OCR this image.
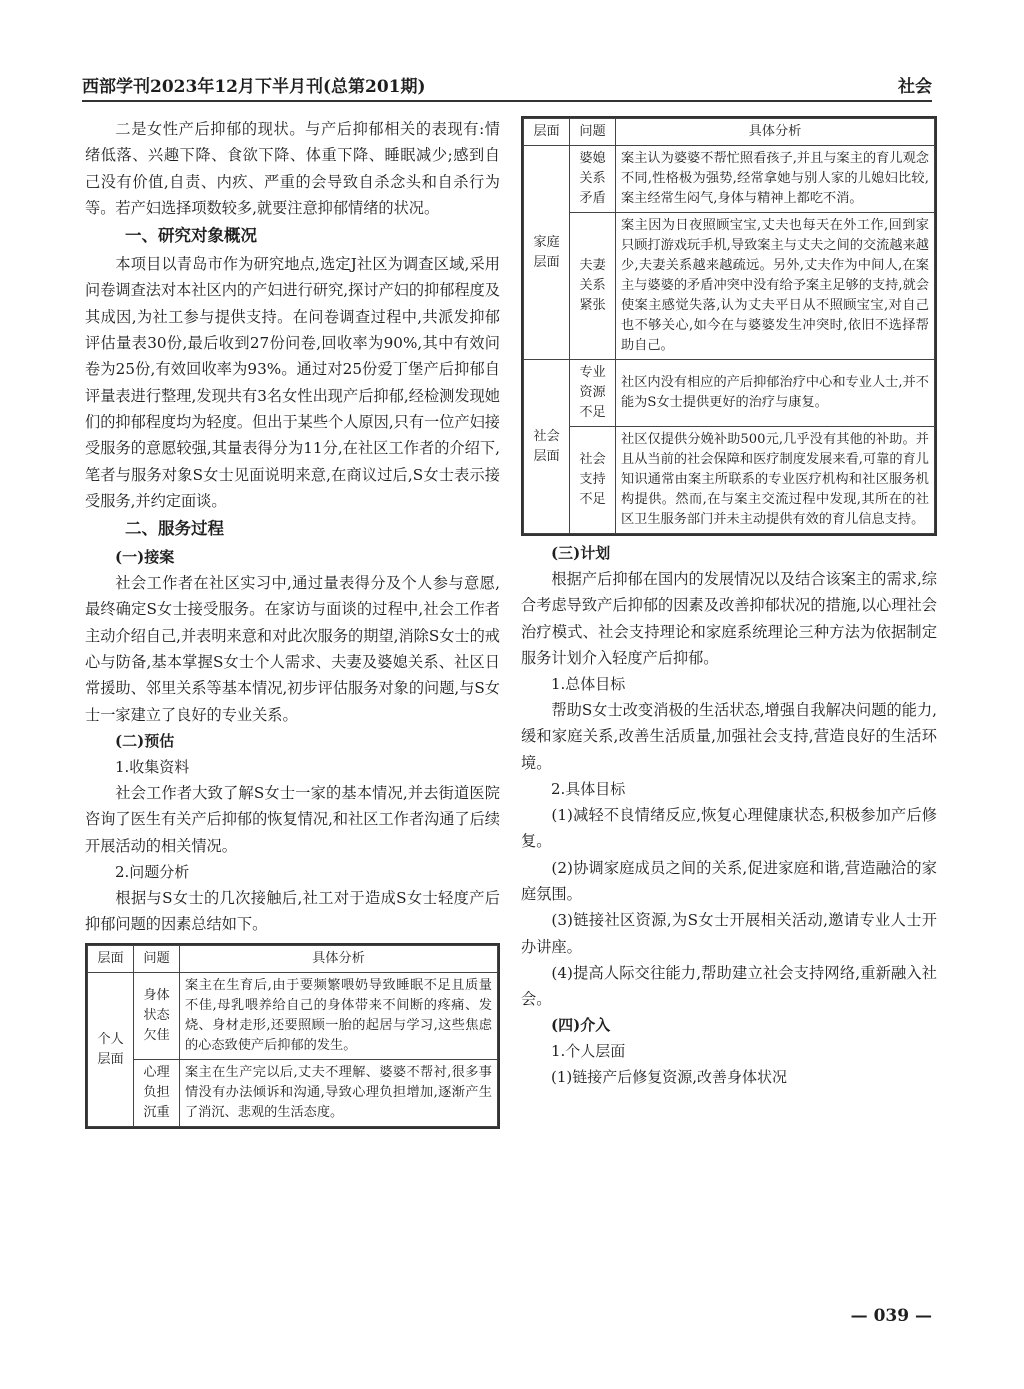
西部学刊2023年12月下半月刊(总第201期)	社会

二是女性产后抑郁的现状。与产后抑郁相关的表现有:情绪低落、兴趣下降、食欲下降、体重下降、睡眠减少;感到自己没有价值,自责、内疚、严重的会导致自杀念头和自杀行为等。若产妇选择项数较多,就要注意抑郁情绪的状况。

一、研究对象概况

本项目以青岛市作为研究地点,选定J社区为调查区域,采用问卷调查法对本社区内的产妇进行研究,探讨产妇的抑郁程度及其成因,为社工参与提供支持。在问卷调查过程中,共派发抑郁评估量表30份,最后收到27份问卷,回收率为90%,其中有效问卷为25份,有效回收率为93%。通过对25份爱丁堡产后抑郁自评量表进行整理,发现共有3名女性出现产后抑郁,经检测发现她们的抑郁程度均为轻度。但出于某些个人原因,只有一位产妇接受服务的意愿较强,其量表得分为11分,在社区工作者的介绍下,笔者与服务对象S女士见面说明来意,在商议过后,S女士表示接受服务,并约定面谈。

二、服务过程
(一)接案

社会工作者在社区实习中,通过量表得分及个人参与意愿,最终确定S女士接受服务。在家访与面谈的过程中,社会工作者主动介绍自己,并表明来意和对此次服务的期望,消除S女士的戒心与防备,基本掌握S女士个人需求、夫妻及婆媳关系、社区日常援助、邻里关系等基本情况,初步评估服务对象的问题,与S女士一家建立了良好的专业关系。

(二)预估
1.收集资料

社会工作者大致了解S女士一家的基本情况,并去街道医院咨询了医生有关产后抑郁的恢复情况,和社区工作者沟通了后续开展活动的相关情况。

2.问题分析

根据与S女士的几次接触后,社工对于造成S女士轻度产后抑郁问题的因素总结如下。

层面	问题	具体分析
个人层面	身体状态欠佳	案主在生育后,由于要频繁喂奶导致睡眠不足且质量不佳,母乳喂养给自己的身体带来不间断的疼痛、发烧、身材走形,还要照顾一胎的起居与学习,这些焦虑的心态致使产后抑郁的发生。
	心理负担沉重	案主在生产完以后,丈夫不理解、婆婆不帮衬,很多事情没有办法倾诉和沟通,导致心理负担增加,逐渐产生了消沉、悲观的生活态度。
层面	问题	具体分析
家庭层面	婆媳关系矛盾	案主认为婆婆不帮忙照看孩子,并且与案主的育儿观念不同,性格极为强势,经常拿她与别人家的儿媳妇比较,案主经常生闷气,身体与精神上都吃不消。
	夫妻关系紧张	案主因为日夜照顾宝宝,丈夫也每天在外工作,回到家只顾打游戏玩手机,导致案主与丈夫之间的交流越来越少,夫妻关系越来越疏远。另外,丈夫作为中间人,在案主与婆婆的矛盾冲突中没有给予案主足够的支持,就会使案主感觉失落,认为丈夫平日从不照顾宝宝,对自己也不够关心,如今在与婆婆发生冲突时,依旧不选择帮助自己。
社会层面	专业资源不足	社区内没有相应的产后抑郁治疗中心和专业人士,并不能为S女士提供更好的治疗与康复。
	社会支持不足	社区仅提供分娩补助500元,几乎没有其他的补助。并且从当前的社会保障和医疗制度发展来看,可靠的育儿知识通常由案主所联系的专业医疗机构和社区服务机构提供。然而,在与案主交流过程中发现,其所在的社区卫生服务部门并未主动提供有效的育儿信息支持。
(三)计划

根据产后抑郁在国内的发展情况以及结合该案主的需求,综合考虑导致产后抑郁的因素及改善抑郁状况的措施,以心理社会治疗模式、社会支持理论和家庭系统理论三种方法为依据制定服务计划介入轻度产后抑郁。

1.总体目标

帮助S女士改变消极的生活状态,增强自我解决问题的能力,缓和家庭关系,改善生活质量,加强社会支持,营造良好的生活环境。

2.具体目标

(1)减轻不良情绪反应,恢复心理健康状态,积极参加产后修复。

(2)协调家庭成员之间的关系,促进家庭和谐,营造融洽的家庭氛围。

(3)链接社区资源,为S女士开展相关活动,邀请专业人士开办讲座。

(4)提高人际交往能力,帮助建立社会支持网络,重新融入社会。

(四)介入
1.个人层面
(1)链接产后修复资源,改善身体状况
— 039 —
